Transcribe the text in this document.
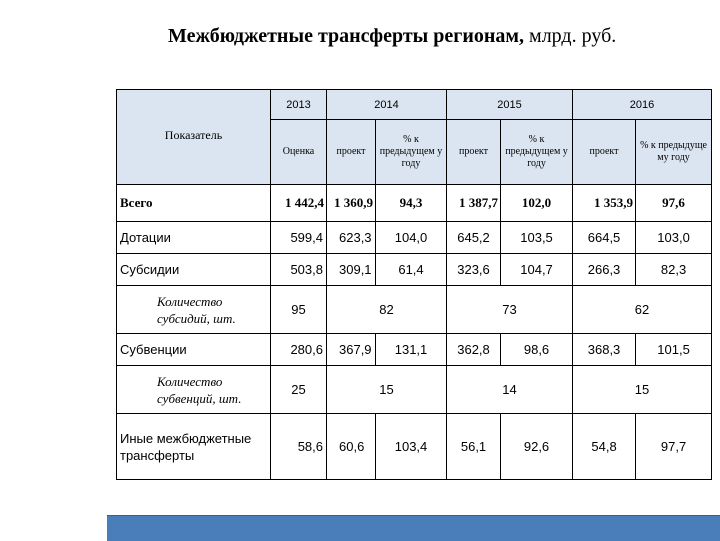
Межбюджетные трансферты регионам, млрд. руб.
Показатель	2013	2014		2015		2016	
	Оценка	проект	% к предыдущем у году	проект	% к предыдущем у году	проект	% к предыдуще му году
Всего	1 442,4	1 360,9	94,3	1 387,7	102,0	1 353,9	97,6
Дотации	599,4	623,3	104,0	645,2	103,5	664,5	103,0
Субсидии	503,8	309,1	61,4	323,6	104,7	266,3	82,3
Количество субсидий, шт.	95	82		73		62	
Субвенции	280,6	367,9	131,1	362,8	98,6	368,3	101,5
Количество субвенций, шт.	25	15		14		15	
Иные межбюджетные трансферты	58,6	60,6	103,4	56,1	92,6	54,8	97,7
